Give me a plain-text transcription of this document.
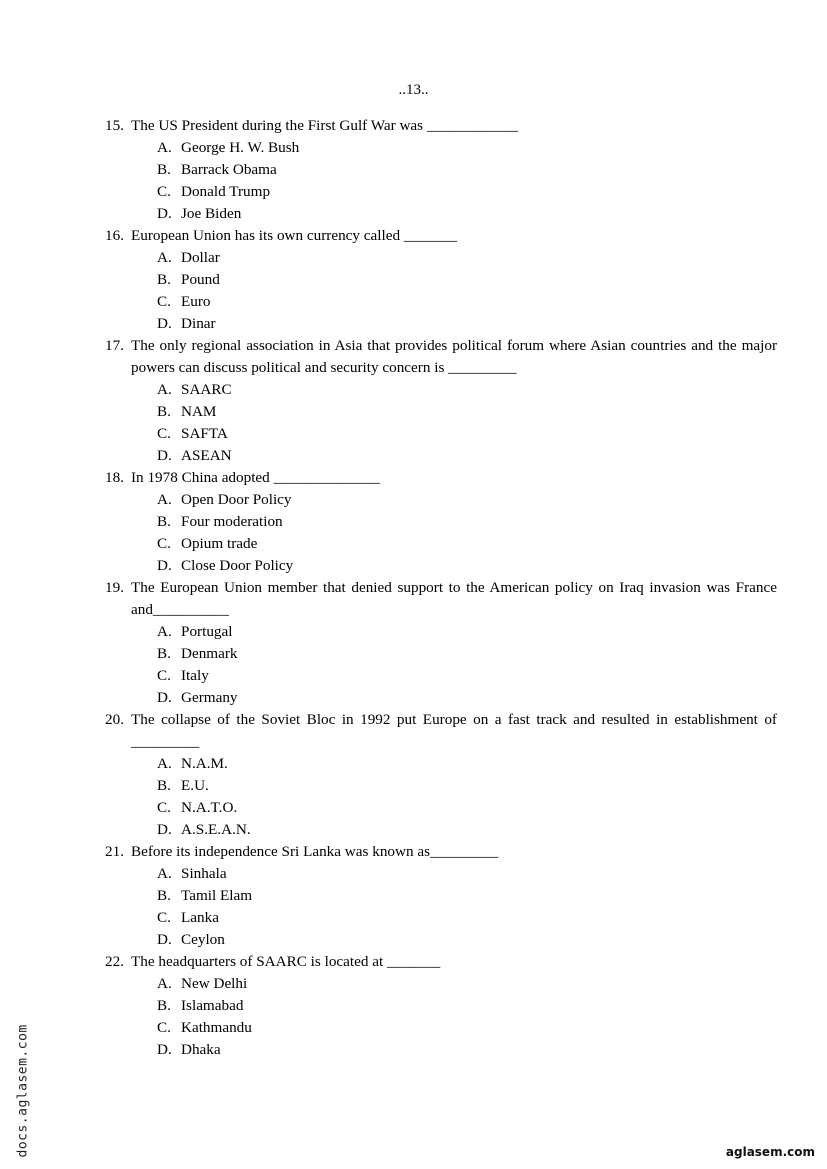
..13..
15. The US President during the First Gulf War was ____________
A. George H. W. Bush
B. Barrack Obama
C. Donald Trump
D. Joe Biden
16. European Union has its own currency called _______
A. Dollar
B. Pound
C. Euro
D. Dinar
17. The only regional association in Asia that provides political forum where Asian countries and the major powers can discuss political and security concern is _________
A. SAARC
B. NAM
C. SAFTA
D. ASEAN
18. In 1978 China adopted ______________
A. Open Door Policy
B. Four moderation
C. Opium trade
D. Close Door Policy
19. The European Union member that denied support to the American policy on Iraq invasion was France and__________
A. Portugal
B. Denmark
C. Italy
D. Germany
20. The collapse of the Soviet Bloc in 1992 put Europe on a fast track and resulted in establishment of _________
A. N.A.M.
B. E.U.
C. N.A.T.O.
D. A.S.E.A.N.
21. Before its independence Sri Lanka was known as_________
A. Sinhala
B. Tamil Elam
C. Lanka
D. Ceylon
22. The headquarters of SAARC is located at _______
A. New Delhi
B. Islamabad
C. Kathmandu
D. Dhaka
docs.aglasem.com	aglasem.com
